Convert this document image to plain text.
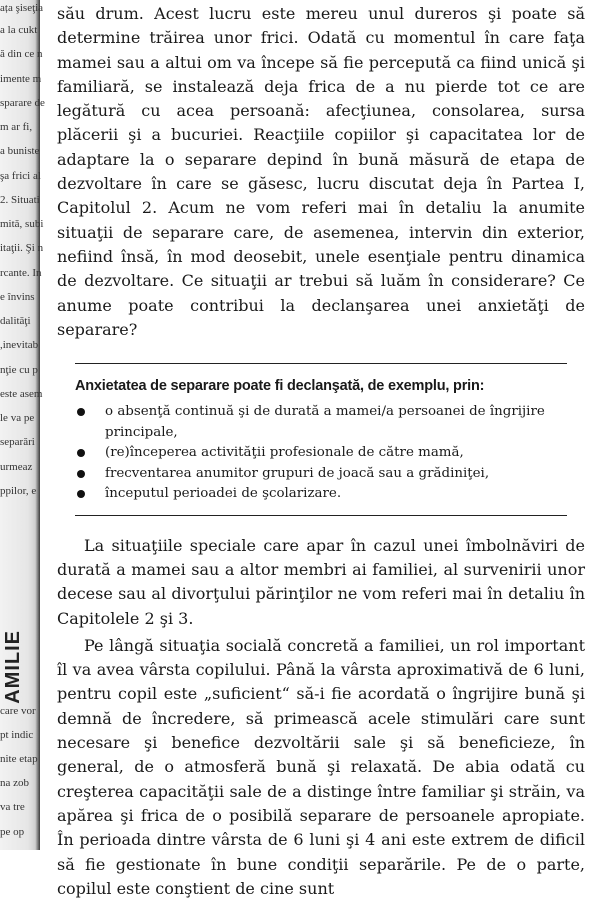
ața şiseţia
a la cukt
ă din ce n
imente m
sparare de
m ar fi,
a buniste
şa frici al
2. Situati
mită, subi
itaţii. Şi n
rcante. In
e învins
dalităţi
,inevitab
nţie cu p
este asem
le va pe
separări
urmeaz
ppilor, e
AMILIE
care vor
pt indic
nite etap
na zob
va tre
pe op

său drum. Acest lucru este mereu unul dureros şi poate să determine trăirea unor frici. Odată cu momentul în care faţa mamei sau a altui om va începe să fie percepută ca fiind unică şi familiară, se instalează deja frica de a nu pierde tot ce are legătură cu acea persoană: afecţiunea, consolarea, sursa plăcerii şi a bucuriei. Reacţiile copiilor şi capacitatea lor de adaptare la o separare depind în bună măsură de etapa de dezvoltare în care se găsesc, lucru discutat deja în Partea I, Capitolul 2. Acum ne vom referi mai în detaliu la anumite situaţii de separare care, de asemenea, intervin din exterior, nefiind însă, în mod deosebit, unele esenţiale pentru dinamica de dezvoltare. Ce situaţii ar trebui să luăm în considerare? Ce anume poate contribui la declanşarea unei anxietăţi de separare?

Anxietatea de separare poate fi declanşată, de exemplu, prin:
o absenţă continuă şi de durată a mamei/a persoanei de îngrijire principale,
(re)începerea activităţii profesionale de către mamă,
frecventarea anumitor grupuri de joacă sau a grădiniţei,
începutul perioadei de şcolarizare.

La situaţiile speciale care apar în cazul unei îmbolnăviri de durată a mamei sau a altor membri ai familiei, al survenirii unor decese sau al divorţului părinţilor ne vom referi mai în detaliu în Capitolele 2 şi 3.

Pe lângă situaţia socială concretă a familiei, un rol important îl va avea vârsta copilului. Până la vârsta aproximativă de 6 luni, pentru copil este „suficient“ să-i fie acordată o îngrijire bună şi demnă de încredere, să primească acele stimulări care sunt necesare şi benefice dezvoltării sale şi să beneficieze, în general, de o atmosferă bună şi relaxată. De abia odată cu creşterea capacităţii sale de a distinge între familiar şi străin, va apărea şi frica de o posibilă separare de persoanele apropiate. În perioada dintre vârsta de 6 luni şi 4 ani este extrem de dificil să fie gestionate în bune condiţii separările. Pe de o parte, copilul este conştient de cine sunt
